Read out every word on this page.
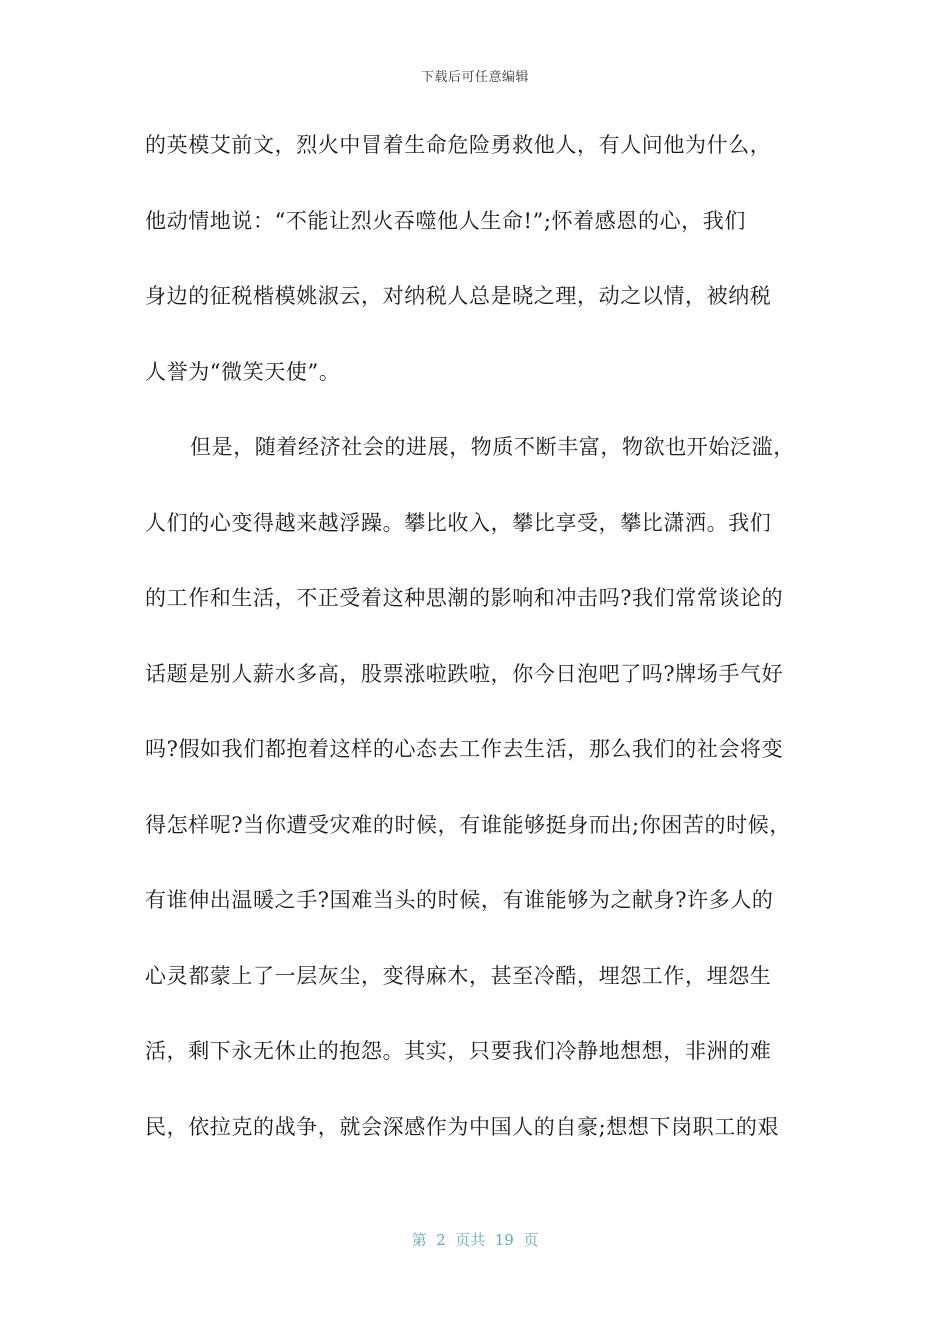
下载后可任意编辑
的英模艾前文，烈火中冒着生命危险勇救他人，有人问他为什么，
他动情地说：“不能让烈火吞噬他人生命!”;怀着感恩的心，我们
身边的征税楷模姚淑云，对纳税人总是晓之理，动之以情，被纳税
人誉为“微笑天使”。
但是，随着经济社会的进展，物质不断丰富，物欲也开始泛滥，
人们的心变得越来越浮躁。攀比收入，攀比享受，攀比潇洒。我们
的工作和生活，不正受着这种思潮的影响和冲击吗?我们常常谈论的
话题是别人薪水多高，股票涨啦跌啦，你今日泡吧了吗?牌场手气好
吗?假如我们都抱着这样的心态去工作去生活，那么我们的社会将变
得怎样呢?当你遭受灾难的时候，有谁能够挺身而出;你困苦的时候，
有谁伸出温暖之手?国难当头的时候，有谁能够为之献身?许多人的
心灵都蒙上了一层灰尘，变得麻木，甚至冷酷，埋怨工作，埋怨生
活，剩下永无休止的抱怨。其实，只要我们冷静地想想，非洲的难
民，依拉克的战争，就会深感作为中国人的自豪;想想下岗职工的艰
第  2  页共  19  页
